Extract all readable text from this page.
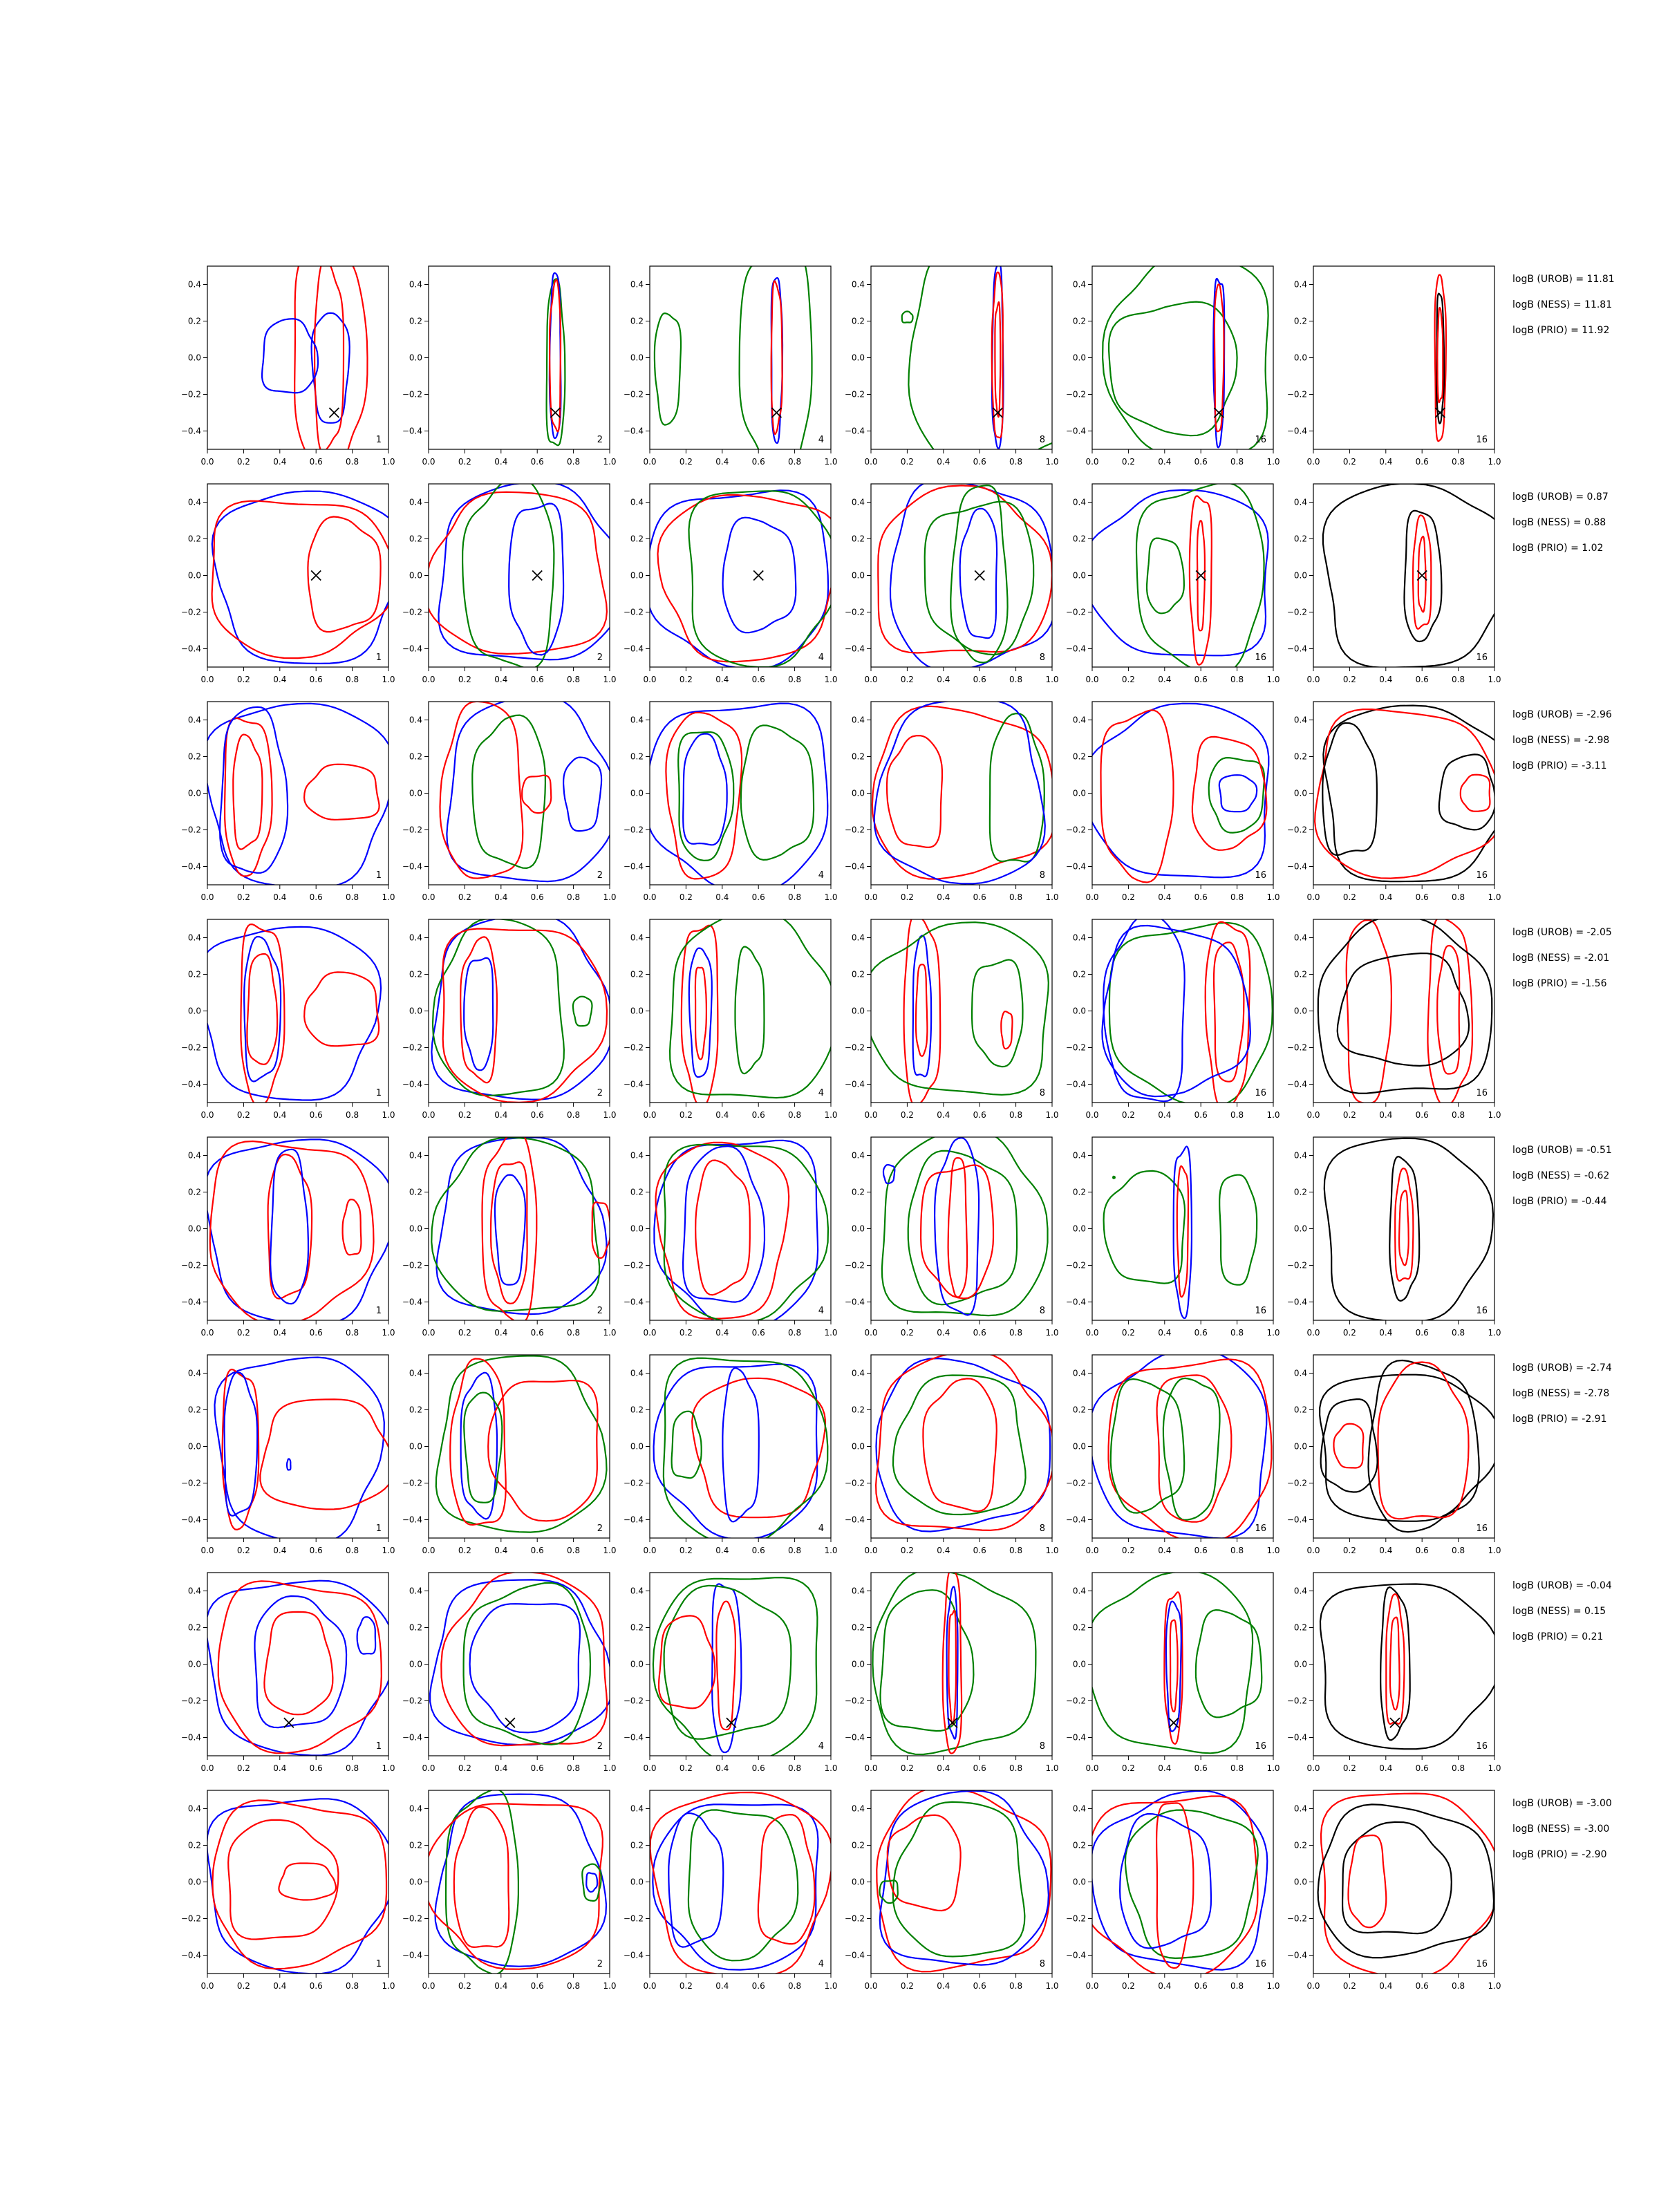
0.0	0.2	0.4	0.6	0.8	1.0
0.4
0.2
0.0
−0.2
−0.4
1
0.0	0.2	0.4	0.6	0.8	1.0
0.4
0.2
0.0
−0.2
−0.4
2
0.0	0.2	0.4	0.6	0.8	1.0
0.4
0.2
0.0
−0.2
−0.4
4
0.0	0.2	0.4	0.6	0.8	1.0
0.4
0.2
0.0
−0.2
−0.4
8
0.0	0.2	0.4	0.6	0.8	1.0
0.4
0.2
0.0
−0.2
−0.4
16
0.0	0.2	0.4	0.6	0.8	1.0
0.4
0.2
0.0
−0.2
−0.4
16
logB (UROB) = 11.81
logB (NESS) = 11.81
logB (PRIO) = 11.92
0.0	0.2	0.4	0.6	0.8	1.0
0.4
0.2
0.0
−0.2
−0.4
1
0.0	0.2	0.4	0.6	0.8	1.0
0.4
0.2
0.0
−0.2
−0.4
2
0.0	0.2	0.4	0.6	0.8	1.0
0.4
0.2
0.0
−0.2
−0.4
4
0.0	0.2	0.4	0.6	0.8	1.0
0.4
0.2
0.0
−0.2
−0.4
8
0.0	0.2	0.4	0.6	0.8	1.0
0.4
0.2
0.0
−0.2
−0.4
16
0.0	0.2	0.4	0.6	0.8	1.0
0.4
0.2
0.0
−0.2
−0.4
16
logB (UROB) = 0.87
logB (NESS) = 0.88
logB (PRIO) = 1.02
0.0	0.2	0.4	0.6	0.8	1.0
0.4
0.2
0.0
−0.2
−0.4
1
0.0	0.2	0.4	0.6	0.8	1.0
0.4
0.2
0.0
−0.2
−0.4
2
0.0	0.2	0.4	0.6	0.8	1.0
0.4
0.2
0.0
−0.2
−0.4
4
0.0	0.2	0.4	0.6	0.8	1.0
0.4
0.2
0.0
−0.2
−0.4
8
0.0	0.2	0.4	0.6	0.8	1.0
0.4
0.2
0.0
−0.2
−0.4
16
0.0	0.2	0.4	0.6	0.8	1.0
0.4
0.2
0.0
−0.2
−0.4
16
logB (UROB) = -2.96
logB (NESS) = -2.98
logB (PRIO) = -3.11
0.0	0.2	0.4	0.6	0.8	1.0
0.4
0.2
0.0
−0.2
−0.4
1
0.0	0.2	0.4	0.6	0.8	1.0
0.4
0.2
0.0
−0.2
−0.4
2
0.0	0.2	0.4	0.6	0.8	1.0
0.4
0.2
0.0
−0.2
−0.4
4
0.0	0.2	0.4	0.6	0.8	1.0
0.4
0.2
0.0
−0.2
−0.4
8
0.0	0.2	0.4	0.6	0.8	1.0
0.4
0.2
0.0
−0.2
−0.4
16
0.0	0.2	0.4	0.6	0.8	1.0
0.4
0.2
0.0
−0.2
−0.4
16
logB (UROB) = -2.05
logB (NESS) = -2.01
logB (PRIO) = -1.56
0.0	0.2	0.4	0.6	0.8	1.0
0.4
0.2
0.0
−0.2
−0.4
1
0.0	0.2	0.4	0.6	0.8	1.0
0.4
0.2
0.0
−0.2
−0.4
2
0.0	0.2	0.4	0.6	0.8	1.0
0.4
0.2
0.0
−0.2
−0.4
4
0.0	0.2	0.4	0.6	0.8	1.0
0.4
0.2
0.0
−0.2
−0.4
8
0.0	0.2	0.4	0.6	0.8	1.0
0.4
0.2
0.0
−0.2
−0.4
16
0.0	0.2	0.4	0.6	0.8	1.0
0.4
0.2
0.0
−0.2
−0.4
16
logB (UROB) = -0.51
logB (NESS) = -0.62
logB (PRIO) = -0.44
0.0	0.2	0.4	0.6	0.8	1.0
0.4
0.2
0.0
−0.2
−0.4
1
0.0	0.2	0.4	0.6	0.8	1.0
0.4
0.2
0.0
−0.2
−0.4
2
0.0	0.2	0.4	0.6	0.8	1.0
0.4
0.2
0.0
−0.2
−0.4
4
0.0	0.2	0.4	0.6	0.8	1.0
0.4
0.2
0.0
−0.2
−0.4
8
0.0	0.2	0.4	0.6	0.8	1.0
0.4
0.2
0.0
−0.2
−0.4
16
0.0	0.2	0.4	0.6	0.8	1.0
0.4
0.2
0.0
−0.2
−0.4
16
logB (UROB) = -2.74
logB (NESS) = -2.78
logB (PRIO) = -2.91
0.0	0.2	0.4	0.6	0.8	1.0
0.4
0.2
0.0
−0.2
−0.4
1
0.0	0.2	0.4	0.6	0.8	1.0
0.4
0.2
0.0
−0.2
−0.4
2
0.0	0.2	0.4	0.6	0.8	1.0
0.4
0.2
0.0
−0.2
−0.4
4
0.0	0.2	0.4	0.6	0.8	1.0
0.4
0.2
0.0
−0.2
−0.4
8
0.0	0.2	0.4	0.6	0.8	1.0
0.4
0.2
0.0
−0.2
−0.4
16
0.0	0.2	0.4	0.6	0.8	1.0
0.4
0.2
0.0
−0.2
−0.4
16
logB (UROB) = -0.04
logB (NESS) = 0.15
logB (PRIO) = 0.21
0.0	0.2	0.4	0.6	0.8	1.0
0.4
0.2
0.0
−0.2
−0.4
1
0.0	0.2	0.4	0.6	0.8	1.0
0.4
0.2
0.0
−0.2
−0.4
2
0.0	0.2	0.4	0.6	0.8	1.0
0.4
0.2
0.0
−0.2
−0.4
4
0.0	0.2	0.4	0.6	0.8	1.0
0.4
0.2
0.0
−0.2
−0.4
8
0.0	0.2	0.4	0.6	0.8	1.0
0.4
0.2
0.0
−0.2
−0.4
16
0.0	0.2	0.4	0.6	0.8	1.0
0.4
0.2
0.0
−0.2
−0.4
16
logB (UROB) = -3.00
logB (NESS) = -3.00
logB (PRIO) = -2.90
